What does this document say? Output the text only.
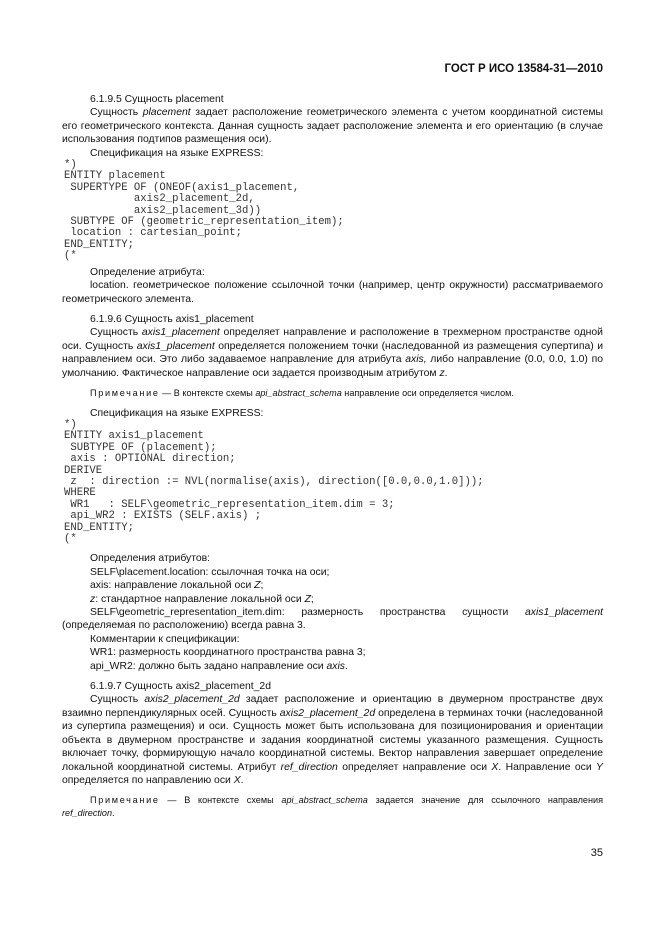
ГОСТ Р ИСО 13584-31—2010

6.1.9.5 Сущность placement

Сущность placement задает расположение геометрического элемента с учетом координатной системы его геометрического контекста. Данная сущность задает расположение элемента и его ориентацию (в случае использования подтипов размещения оси).

Спецификация на языке EXPRESS:

*)
ENTITY placement
SUPERTYPE OF (ONEOF(axis1_placement,
axis2_placement_2d,
axis2_placement_3d))
SUBTYPE OF (geometric_representation_item);
location : cartesian_point;
END_ENTITY;
(*

Определение атрибута:

location. геометрическое положение ссылочной точки (например, центр окружности) рассматриваемого геометрического элемента.

6.1.9.6 Сущность axis1_placement

Сущность axis1_placement определяет направление и расположение в трехмерном пространстве одной оси. Сущность axis1_placement определяется положением точки (наследованной из размещения супертипа) и направлением оси. Это либо задаваемое направление для атрибута axis, либо направление (0.0, 0.0, 1.0) по умолчанию. Фактическое направление оси задается производным атрибутом z.

Примечание — В контексте схемы api_abstract_schema направление оси определяется числом.

Спецификация на языке EXPRESS:

*)
ENTITY axis1_placement
SUBTYPE OF (placement);
axis : OPTIONAL direction;
DERIVE
z  : direction := NVL(normalise(axis), direction([0.0,0.0,1.0]));
WHERE
WR1   : SELF\geometric_representation_item.dim = 3;
api_WR2 : EXISTS (SELF.axis) ;
END_ENTITY;
(*

Определения атрибутов:

SELF\placement.location: ссылочная точка на оси;

axis: направление локальной оси Z;

z: стандартное направление локальной оси Z;

SELF\geometric_representation_item.dim: размерность пространства сущности axis1_placement (определяемая по расположению) всегда равна 3.

Комментарии к спецификации:

WR1: размерность координатного пространства равна 3;

api_WR2: должно быть задано направление оси axis.

6.1.9.7 Сущность axis2_placement_2d

Сущность axis2_placement_2d задает расположение и ориентацию в двумерном пространстве двух взаимно перпендикулярных осей. Сущность axis2_placement_2d определена в терминах точки (наследованной из супертипа размещения) и оси. Сущность может быть использована для позиционирования и ориентации объекта в двумерном пространстве и задания координатной системы указанного размещения. Сущность включает точку, формирующую начало координатной системы. Вектор направления завершает определение локальной координатной системы. Атрибут ref_direction определяет направление оси X. Направление оси Y определяется по направлению оси X.

Примечание — В контексте схемы api_abstract_schema задается значение для ссылочного направления ref_direction.

35
